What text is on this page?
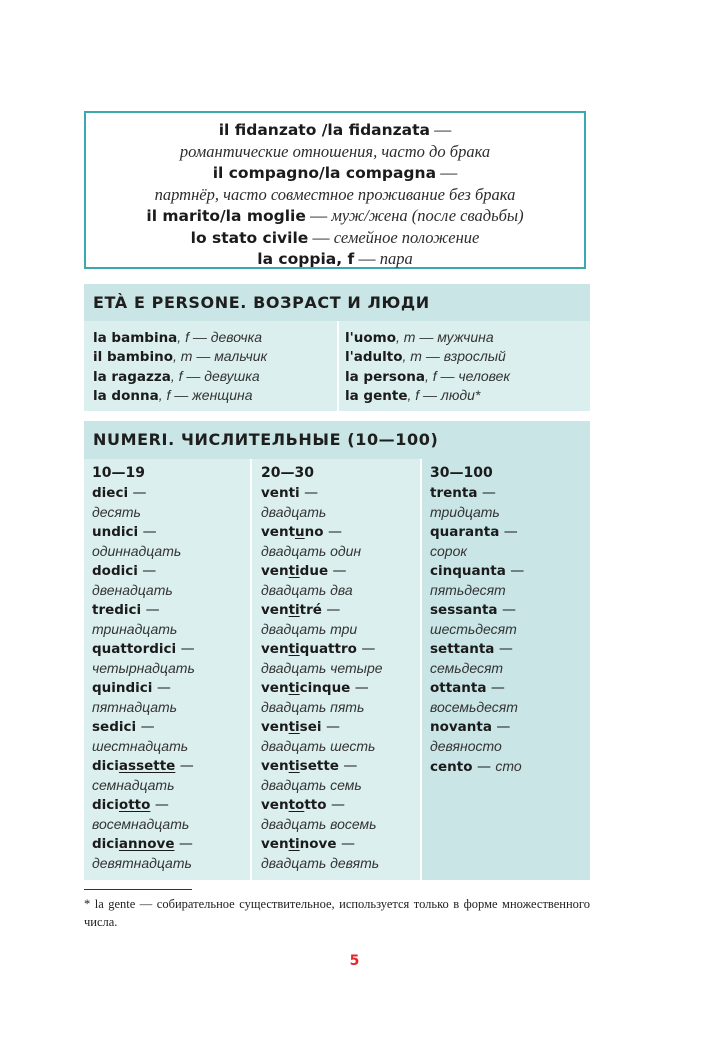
il fidanzato /la fidanzata —
романтические отношения, часто до брака
il compagno/la compagna —
партнёр, часто совместное проживание без брака
il marito/la moglie — муж/жена (после свадьбы)
lo stato civile — семейное положение
la coppia, f — пара
ETÀ E PERSONE. ВОЗРАСТ И ЛЮДИ
la bambina, f — девочка
il bambino, m — мальчик
la ragazza, f — девушка
la donna, f — женщина
l'uomo, m — мужчина
l'adulto, m — взрослый
la persona, f — человек
la gente, f — люди*
NUMERI. ЧИСЛИТЕЛЬНЫЕ (10—100)
10—19
dieci —
десять
undici —
одиннадцать
dodici —
двенадцать
tredici —
тринадцать
quattordici —
четырнадцать
quindici —
пятнадцать
sedici —
шестнадцать
diciassette —
семнадцать
diciotto —
восемнадцать
diciannove —
девятнадцать
20—30
venti —
двадцать
ventuno —
двадцать один
ventidue —
двадцать два
ventitré —
двадцать три
ventiquattro —
двадцать четыре
venticinque —
двадцать пять
ventisei —
двадцать шесть
ventisette —
двадцать семь
ventotto —
двадцать восемь
ventinove —
двадцать девять
30—100
trenta —
тридцать
quaranta —
сорок
cinquanta —
пятьдесят
sessanta —
шестьдесят
settanta —
семьдесят
ottanta —
восемьдесят
novanta —
девяносто
cento — сто
* la gente — собирательное существительное, используется только в форме множественного числа.
5
